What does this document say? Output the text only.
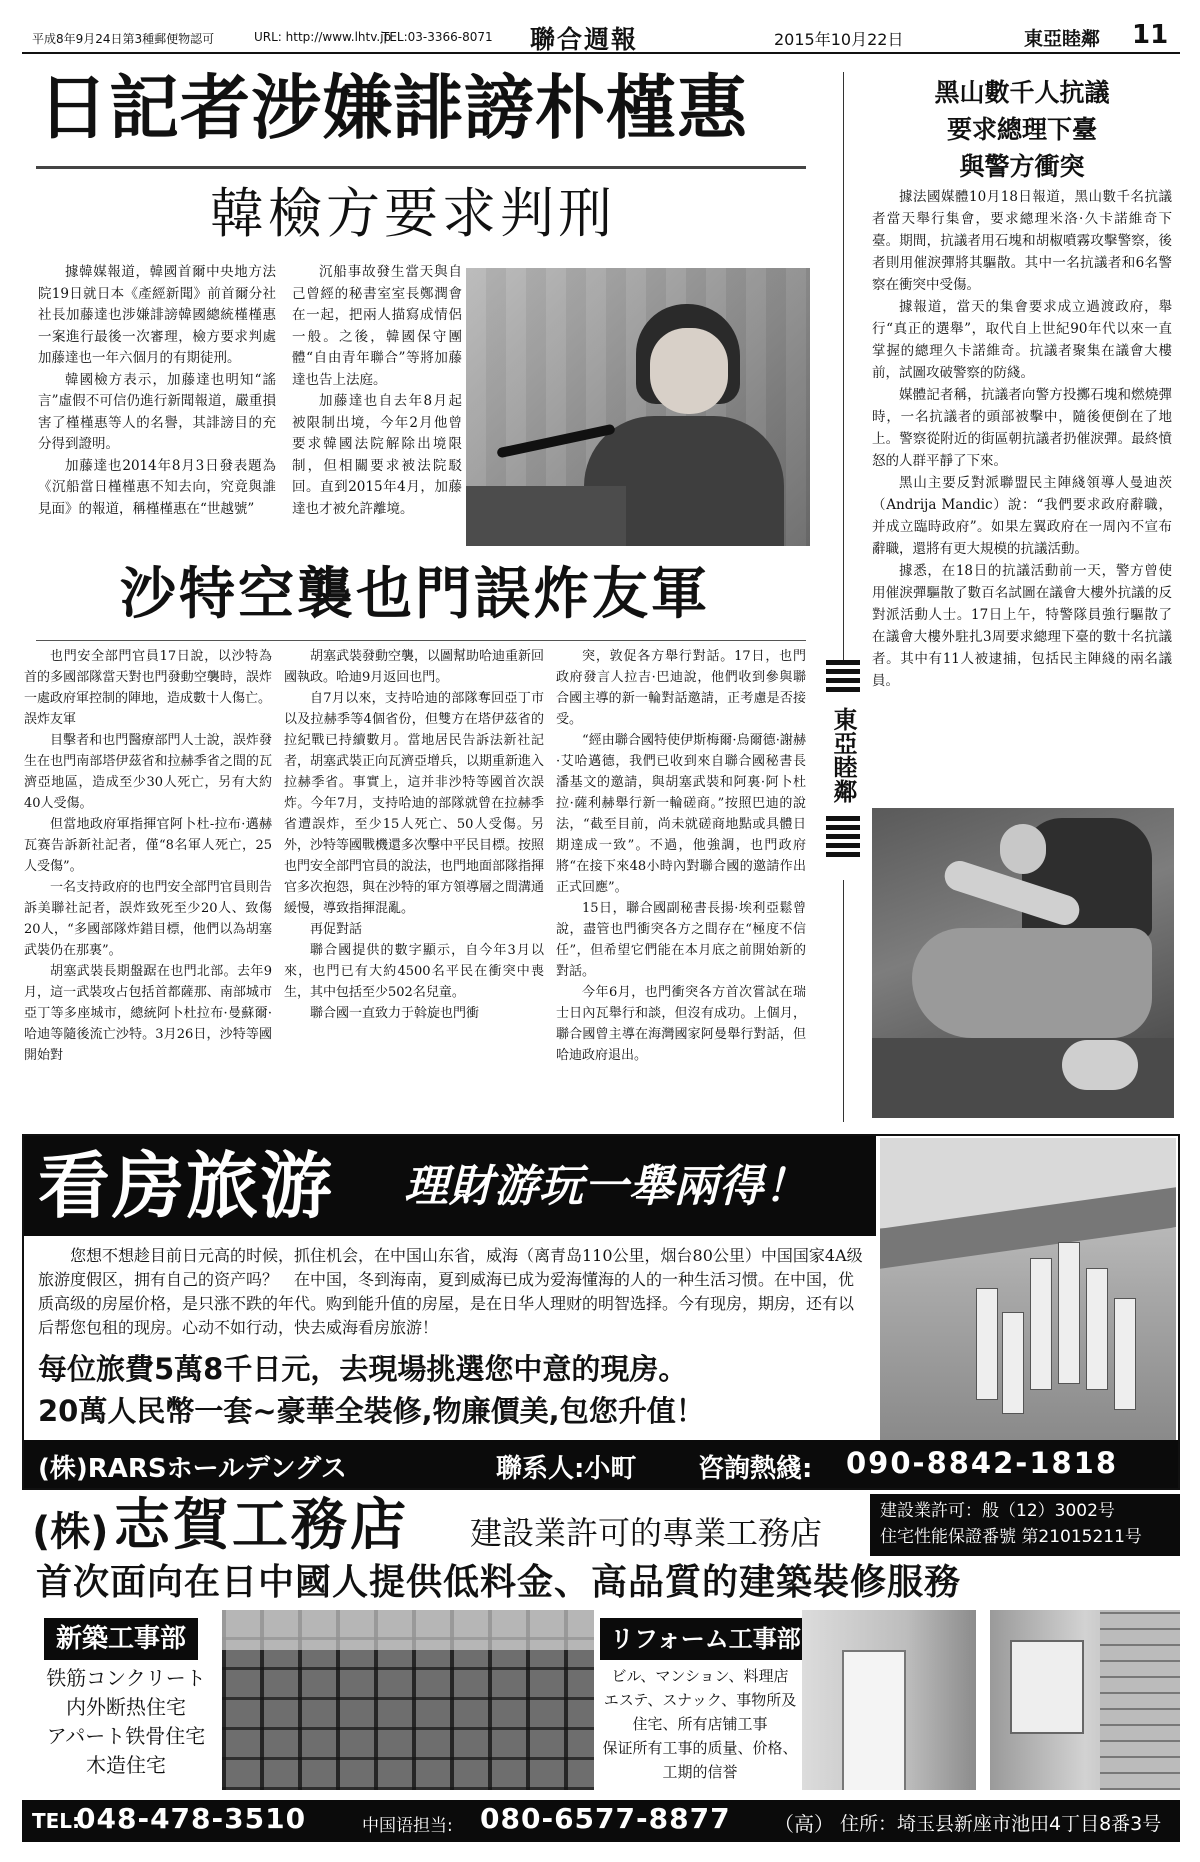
平成8年9月24日第3種郵便物認可	URL: http://www.lhtv.jp
TEL:03-3366-8071 聯合週報	2015年10月22日	東亞睦鄰 11
日記者涉嫌誹謗朴槿惠
韓檢方要求判刑

據韓媒報道，韓國首爾中央地方法院19日就日本《產經新聞》前首爾分社社長加藤達也涉嫌誹謗韓國總統槿槿惠一案進行最後一次審理，檢方要求判處加藤達也一年六個月的有期徒刑。

韓國檢方表示，加藤達也明知“謠言”虛假不可信仍進行新聞報道，嚴重損害了槿槿惠等人的名譽，其誹謗目的充分得到證明。

加藤達也2014年8月3日發表題為《沉船當日槿槿惠不知去向，究竟與誰見面》的報道，稱槿槿惠在“世越號”

沉船事故發生當天與自己曾經的秘書室室長鄭潤會在一起，把兩人描寫成情侶一般。之後，韓國保守團體“自由青年聯合”等將加藤達也告上法庭。

加藤達也自去年8月起被限制出境，今年2月他曾要求韓國法院解除出境限制，但相關要求被法院駁回。直到2015年4月，加藤達也才被允許離境。

沙特空襲也門誤炸友軍

也門安全部門官員17日說，以沙特為首的多國部隊當天對也門發動空襲時，誤炸一處政府軍控制的陣地，造成數十人傷亡。

誤炸友軍

目擊者和也門醫療部門人士說，誤炸發生在也門南部塔伊茲省和拉赫季省之間的瓦濟亞地區，造成至少30人死亡，另有大約40人受傷。

但當地政府軍指揮官阿卜杜-拉布·邁赫瓦赛告訴新社記者，僅“8名軍人死亡，25人受傷”。

一名支持政府的也門安全部門官員則告訴美聯社記者，誤炸致死至少20人、致傷20人，“多國部隊炸錯目標，他們以為胡塞武裝仍在那裏”。

胡塞武裝長期盤踞在也門北部。去年9月，這一武裝攻占包括首都薩那、南部城市亞丁等多座城市，總統阿卜杜拉布·曼蘇爾·哈迪等隨後流亡沙特。3月26日，沙特等國開始對

胡塞武裝發動空襲，以圖幫助哈迪重新回國執政。哈迪9月返回也門。

自7月以來，支持哈迪的部隊奪回亞丁市以及拉赫季等4個省份，但雙方在塔伊茲省的拉紀戰已持續數月。當地居民告訴法新社記者，胡塞武裝正向瓦濟亞增兵，以期重新進入拉赫季省。事實上，這并非沙特等國首次誤炸。今年7月，支持哈迪的部隊就曾在拉赫季省遭誤炸，至少15人死亡、50人受傷。另外，沙特等國戰機還多次擊中平民目標。按照也門安全部門官員的說法，也門地面部隊指揮官多次抱怨，與在沙特的軍方領導層之間溝通緩慢，導致指揮混亂。

再促對話

聯合國提供的數字顯示，自今年3月以來，也門已有大約4500名平民在衝突中喪生，其中包括至少502名兒童。

聯合國一直致力于斡旋也門衝

突，敦促各方舉行對話。17日，也門政府發言人拉吉·巴迪說，他們收到參與聯合國主導的新一輪對話邀請，正考慮是否接受。

“經由聯合國特使伊斯梅爾·烏爾德·謝赫·艾哈邁德，我們已收到來自聯合國秘書長潘基文的邀請，與胡塞武裝和阿裏·阿卜杜拉·薩利赫舉行新一輪磋商。”按照巴迪的說法，“截至目前，尚未就磋商地點或具體日期達成一致”。不過，他強調，也門政府將“在接下來48小時內對聯合國的邀請作出正式回應”。

15日，聯合國副秘書長揚·埃利亞鬆曾說，盡管也門衝突各方之間存在“極度不信任”，但希望它們能在本月底之前開始新的對話。

今年6月，也門衝突各方首次嘗試在瑞士日內瓦舉行和談，但沒有成功。上個月，聯合國曾主導在海灣國家阿曼舉行對話，但哈迪政府退出。

東亞睦鄰
黑山數千人抗議
要求總理下臺
與警方衝突

據法國媒體10月18日報道，黑山數千名抗議者當天舉行集會，要求總理米洛·久卡諾維奇下臺。期間，抗議者用石塊和胡椒噴霧攻擊警察，後者則用催淚彈將其驅散。其中一名抗議者和6名警察在衝突中受傷。

據報道，當天的集會要求成立過渡政府，舉行“真正的選舉”，取代自上世紀90年代以來一直掌握的總理久卡諾維奇。抗議者聚集在議會大樓前，試圖攻破警察的防綫。

媒體記者稱，抗議者向警方投擲石塊和燃燒彈時，一名抗議者的頭部被擊中，隨後便倒在了地上。警察從附近的街區朝抗議者扔催淚彈。最終憤怒的人群平靜了下來。

黑山主要反對派聯盟民主陣綫領導人曼迪茨（Andrija Mandic）說：“我們要求政府辭職，并成立臨時政府”。如果左翼政府在一周內不宣布辭職，還將有更大規模的抗議活動。

據悉，在18日的抗議活動前一天，警方曾使用催淚彈驅散了數百名試圖在議會大樓外抗議的反對派活動人士。17日上午，特警隊員強行驅散了在議會大樓外駐扎3周要求總理下臺的數十名抗議者。其中有11人被逮捕，包括民主陣綫的兩名議員。

看房旅游 理財游玩一舉兩得！
您想不想趁目前日元高的时候，抓住机会，在中国山东省，威海（离青岛110公里，烟台80公里）中国国家4A级旅游度假区，拥有自己的资产吗？　在中国，冬到海南，夏到威海已成为爱海懂海的人的一种生活习惯。在中国，优质高级的房屋价格，是只涨不跌的年代。购到能升值的房屋，是在日华人理财的明智选择。今有现房，期房，还有以后帮您包租的现房。心动不如行动，快去威海看房旅游！
每位旅費5萬8千日元，去現場挑選您中意的現房。
20萬人民幣一套~豪華全裝修,物廉價美,包您升值！
(株)RARSホールデングス	聯系人:小町 咨詢熱綫: 090-8842-1818
(株) 志賀工務店 建設業許可的專業工務店
建設業許可：般（12）3002号
住宅性能保證番號 第21015211号
首次面向在日中國人提供低料金、高品質的建築裝修服務
新築工事部
铁筋コンクリート
内外断热住宅
アパート铁骨住宅
木造住宅
リフォーム工事部
ビル、マンション、料理店
エステ、スナック、事物所及
住宅、所有店铺工事
保证所有工事的质量、价格、
工期的信誉
TEL:
048-478-3510	中国语担当: 080-6577-8877 （高） 住所：埼玉县新座市池田4丁目8番3号
